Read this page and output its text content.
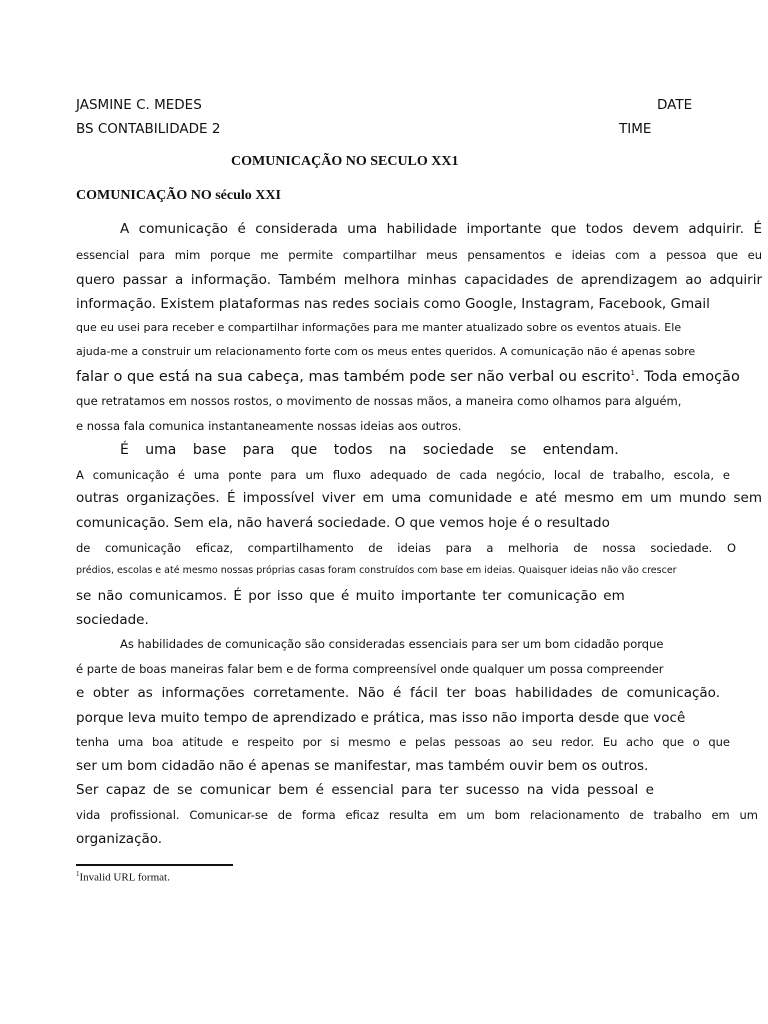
JASMINE C. MEDES	DATE
BS CONTABILIDADE 2	TIME
COMUNICAÇÃO NO SECULO XX1
COMUNICAÇÃO NO século XXI
A comunicação é considerada uma habilidade importante que todos devem adquirir. É
essencial para mim porque me permite compartilhar meus pensamentos e ideias com a pessoa que eu
quero passar a informação. Também melhora minhas capacidades de aprendizagem ao adquirir
informação. Existem plataformas nas redes sociais como Google, Instagram, Facebook, Gmail
que eu usei para receber e compartilhar informações para me manter atualizado sobre os eventos atuais. Ele
ajuda-me a construir um relacionamento forte com os meus entes queridos. A comunicação não é apenas sobre
falar o que está na sua cabeça, mas também pode ser não verbal ou escrito$^1$. Toda emoção
que retratamos em nossos rostos, o movimento de nossas mãos, a maneira como olhamos para alguém,
e nossa fala comunica instantaneamente nossas ideias aos outros.
É uma base para que todos na sociedade se entendam.
A comunicação é uma ponte para um fluxo adequado de cada negócio, local de trabalho, escola, e
outras organizações. É impossível viver em uma comunidade e até mesmo em um mundo sem
comunicação. Sem ela, não haverá sociedade. O que vemos hoje é o resultado
de comunicação eficaz, compartilhamento de ideias para a melhoria de nossa sociedade. O
prédios, escolas e até mesmo nossas próprias casas foram construídos com base em ideias. Quaisquer ideias não vão crescer
se não comunicamos. É por isso que é muito importante ter comunicação em
sociedade.
As habilidades de comunicação são consideradas essenciais para ser um bom cidadão porque
é parte de boas maneiras falar bem e de forma compreensível onde qualquer um possa compreender
e obter as informações corretamente. Não é fácil ter boas habilidades de comunicação.
porque leva muito tempo de aprendizado e prática, mas isso não importa desde que você
tenha uma boa atitude e respeito por si mesmo e pelas pessoas ao seu redor. Eu acho que o que
ser um bom cidadão não é apenas se manifestar, mas também ouvir bem os outros.
Ser capaz de se comunicar bem é essencial para ter sucesso na vida pessoal e
vida profissional. Comunicar-se de forma eficaz resulta em um bom relacionamento de trabalho em um
organização.
$^1$Invalid URL format.
